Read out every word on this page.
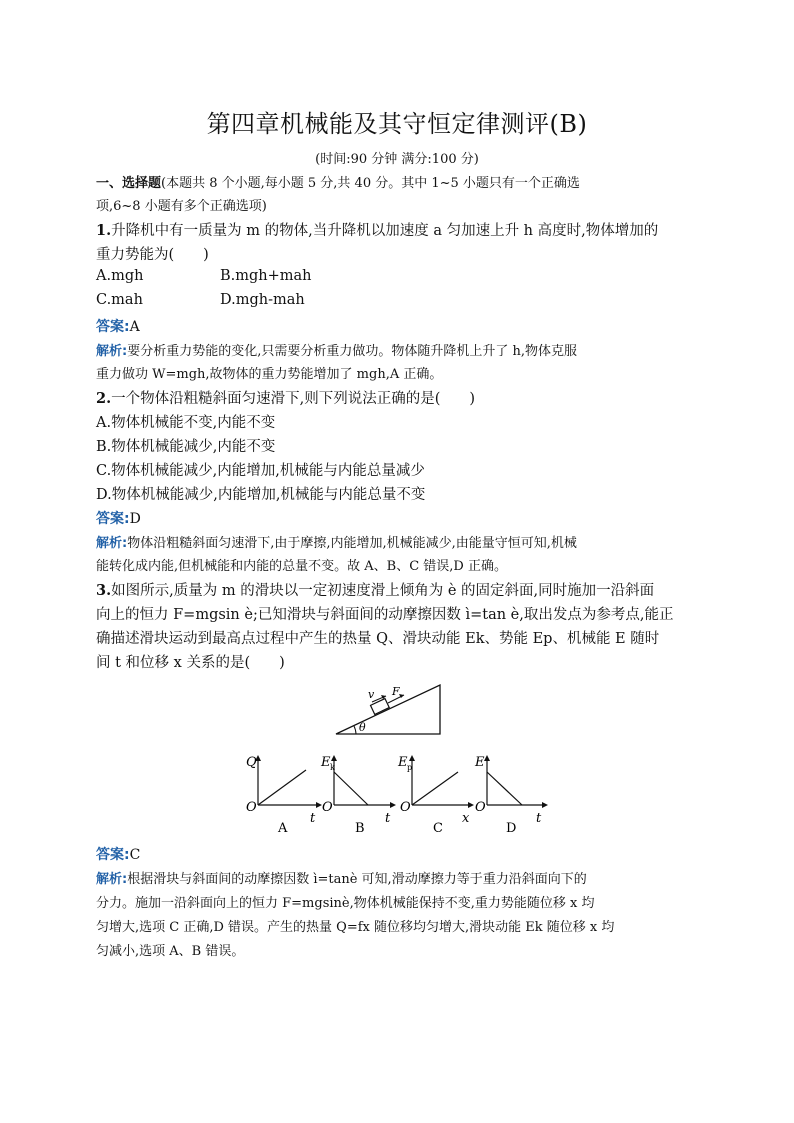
第四章机械能及其守恒定律测评(B)
(时间:90 分钟 满分:100 分)
一、选择题(本题共 8 个小题,每小题 5 分,共 40 分。其中 1~5 小题只有一个正确选
项,6~8 小题有多个正确选项)
1.升降机中有一质量为 m 的物体,当升降机以加速度 a 匀加速上升 h 高度时,物体增加的
重力势能为(　　)
A.mgh	B.mgh+mah
C.mah	D.mgh-mah
答案:A
解析:要分析重力势能的变化,只需要分析重力做功。物体随升降机上升了 h,物体克服
重力做功 W=mgh,故物体的重力势能增加了 mgh,A 正确。
2.一个物体沿粗糙斜面匀速滑下,则下列说法正确的是(　　)
A.物体机械能不变,内能不变
B.物体机械能减少,内能不变
C.物体机械能减少,内能增加,机械能与内能总量减少
D.物体机械能减少,内能增加,机械能与内能总量不变
答案:D
解析:物体沿粗糙斜面匀速滑下,由于摩擦,内能增加,机械能减少,由能量守恒可知,机械
能转化成内能,但机械能和内能的总量不变。故 A、B、C 错误,D 正确。
3.如图所示,质量为 m 的滑块以一定初速度滑上倾角为 è 的固定斜面,同时施加一沿斜面
向上的恒力 F=mgsin è;已知滑块与斜面间的动摩擦因数 ì=tan è,取出发点为参考点,能正
确描述滑块运动到最高点过程中产生的热量 Q、滑块动能 Ek、势能 Ep、机械能 E 随时
间 t 和位移 x 关系的是(　　)
v F
θ
Q
O
t
A
E k
O
t
B
E p
O
x
C
E
O
t
D
答案:C
解析:根据滑块与斜面间的动摩擦因数 ì=tanè 可知,滑动摩擦力等于重力沿斜面向下的
分力。施加一沿斜面向上的恒力 F=mgsinè,物体机械能保持不变,重力势能随位移 x 均
匀增大,选项 C 正确,D 错误。产生的热量 Q=fx 随位移均匀增大,滑块动能 Ek 随位移 x 均
匀减小,选项 A、B 错误。
